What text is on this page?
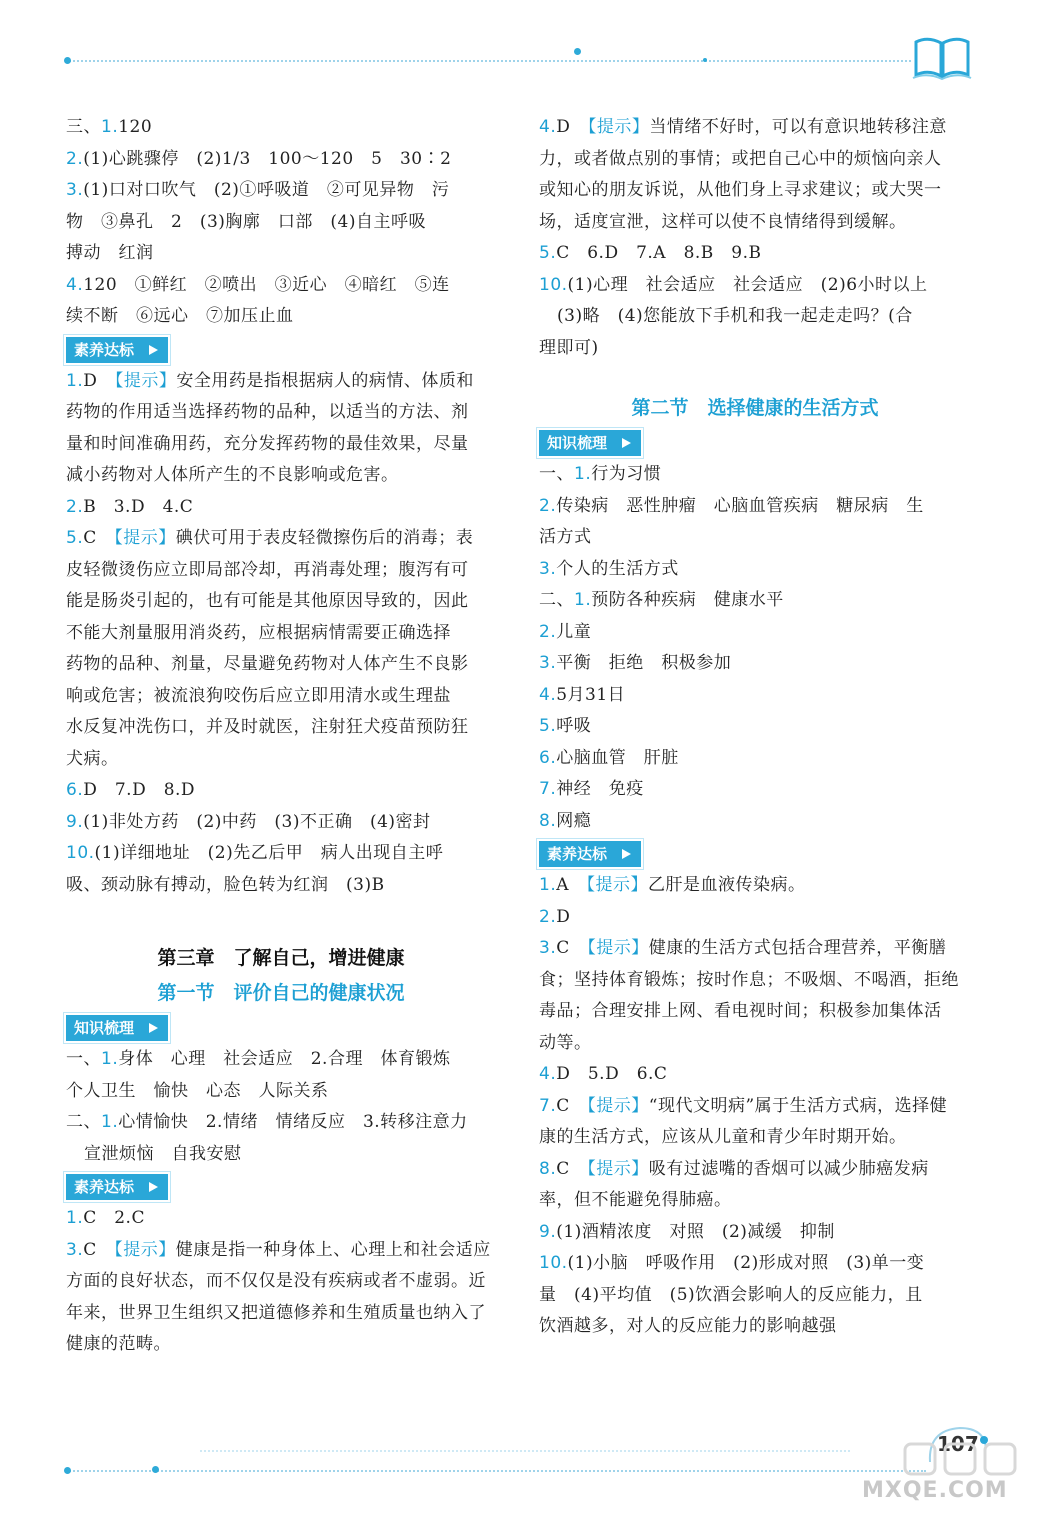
三、1.120
2.(1)心跳骤停　(2)1/3　100～120　5　30∶2
3.(1)口对口吹气　(2)①呼吸道　②可见异物　污
物　③鼻孔　2　(3)胸廓　口部　(4)自主呼吸
搏动　红润
4.120　①鲜红　②喷出　③近心　④暗红　⑤连
续不断　⑥远心　⑦加压止血
素养达标
1.D　【提示】安全用药是指根据病人的病情、体质和
药物的作用适当选择药物的品种，以适当的方法、剂
量和时间准确用药，充分发挥药物的最佳效果，尽量
减小药物对人体所产生的不良影响或危害。
2.B　3.D　4.C
5.C　【提示】碘伏可用于表皮轻微擦伤后的消毒；表
皮轻微烫伤应立即局部冷却，再消毒处理；腹泻有可
能是肠炎引起的，也有可能是其他原因导致的，因此
不能大剂量服用消炎药，应根据病情需要正确选择
药物的品种、剂量，尽量避免药物对人体产生不良影
响或危害；被流浪狗咬伤后应立即用清水或生理盐
水反复冲洗伤口，并及时就医，注射狂犬疫苗预防狂
犬病。
6.D　7.D　8.D
9.(1)非处方药　(2)中药　(3)不正确　(4)密封
10.(1)详细地址　(2)先乙后甲　病人出现自主呼
吸、颈动脉有搏动，脸色转为红润　(3)B
第三章　了解自己，增进健康
第一节　评价自己的健康状况
知识梳理
一、1.身体　心理　社会适应　2.合理　体育锻炼
个人卫生　愉快　心态　人际关系
二、1.心情愉快　2.情绪　情绪反应　3.转移注意力
宣泄烦恼　自我安慰
素养达标
1.C　2.C
3.C　【提示】健康是指一种身体上、心理上和社会适应
方面的良好状态，而不仅仅是没有疾病或者不虚弱。近
年来，世界卫生组织又把道德修养和生殖质量也纳入了
健康的范畴。
4.D　【提示】当情绪不好时，可以有意识地转移注意
力，或者做点别的事情；或把自己心中的烦恼向亲人
或知心的朋友诉说，从他们身上寻求建议；或大哭一
场，适度宣泄，这样可以使不良情绪得到缓解。
5.C　6.D　7.A　8.B　9.B
10.(1)心理　社会适应　社会适应　(2)6小时以上
(3)略　(4)您能放下手机和我一起走走吗？(合
理即可)
第二节　选择健康的生活方式
知识梳理
一、1.行为习惯
2.传染病　恶性肿瘤　心脑血管疾病　糖尿病　生
活方式
3.个人的生活方式
二、1.预防各种疾病　健康水平
2.儿童
3.平衡　拒绝　积极参加
4.5月31日
5.呼吸
6.心脑血管　肝脏
7.神经　免疫
8.网瘾
素养达标
1.A　【提示】乙肝是血液传染病。
2.D
3.C　【提示】健康的生活方式包括合理营养，平衡膳
食；坚持体育锻炼；按时作息；不吸烟、不喝酒，拒绝
毒品；合理安排上网、看电视时间；积极参加集体活
动等。
4.D　5.D　6.C
7.C　【提示】“现代文明病”属于生活方式病，选择健
康的生活方式，应该从儿童和青少年时期开始。
8.C　【提示】吸有过滤嘴的香烟可以减少肺癌发病
率，但不能避免得肺癌。
9.(1)酒精浓度　对照　(2)减缓　抑制
10.(1)小脑　呼吸作用　(2)形成对照　(3)单一变
量　(4)平均值　(5)饮酒会影响人的反应能力，且
饮酒越多，对人的反应能力的影响越强
107
MXQE.COM
